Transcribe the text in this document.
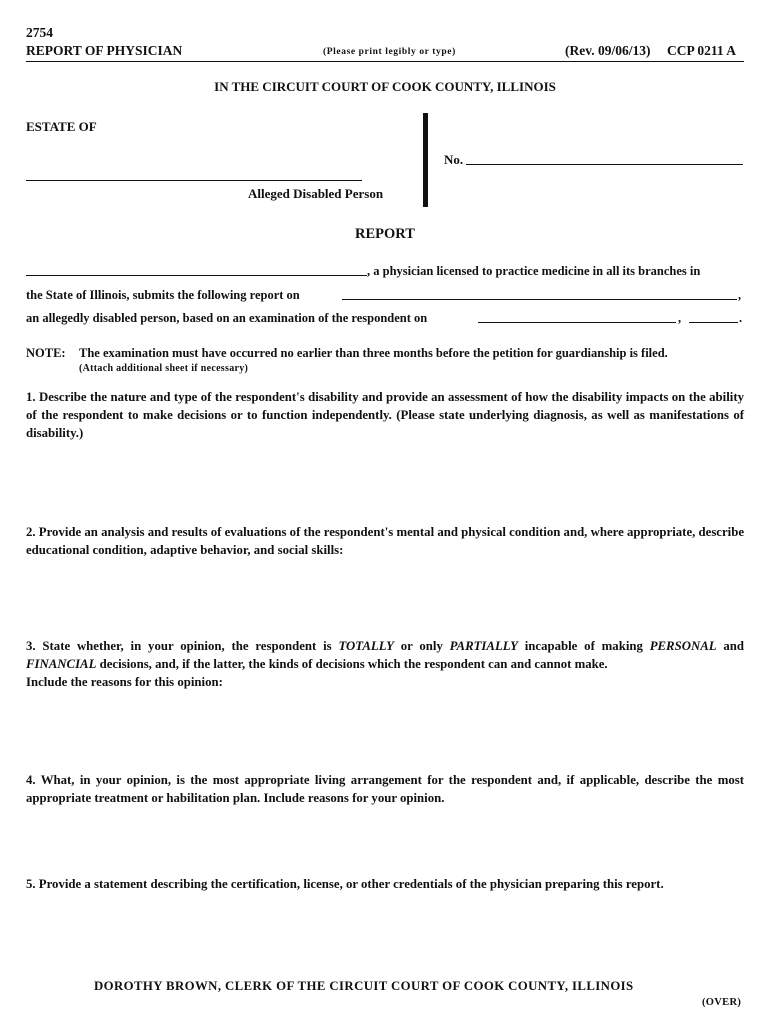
2754
REPORT OF PHYSICIAN	(Please print legibly or type)	(Rev. 09/06/13) CCP 0211 A
IN THE CIRCUIT COURT OF COOK COUNTY, ILLINOIS
ESTATE OF
Alleged Disabled Person
No.
REPORT
, a physician licensed to practice medicine in all its branches in
the State of Illinois, submits the following report on	,
an allegedly disabled person, based on an examination of the respondent on	,	.
NOTE: The examination must have occurred no earlier than three months before the petition for guardianship is filed.
(Attach additional sheet if necessary)
1. Describe the nature and type of the respondent's disability and provide an assessment of how the disability impacts on the ability of the respondent to make decisions or to function independently. (Please state underlying diagnosis, as well as manifestations of disability.)
2. Provide an analysis and results of evaluations of the respondent's mental and physical condition and, where appropriate, describe educational condition, adaptive behavior, and social skills:
3. State whether, in your opinion, the respondent is TOTALLY or only PARTIALLY incapable of making PERSONAL and FINANCIAL decisions, and, if the latter, the kinds of decisions which the respondent can and cannot make.
Include the reasons for this opinion:
4. What, in your opinion, is the most appropriate living arrangement for the respondent and, if applicable, describe the most appropriate treatment or habilitation plan. Include reasons for your opinion.
5. Provide a statement describing the certification, license, or other credentials of the physician preparing this report.
DOROTHY BROWN, CLERK OF THE CIRCUIT COURT OF COOK COUNTY, ILLINOIS
(OVER)
